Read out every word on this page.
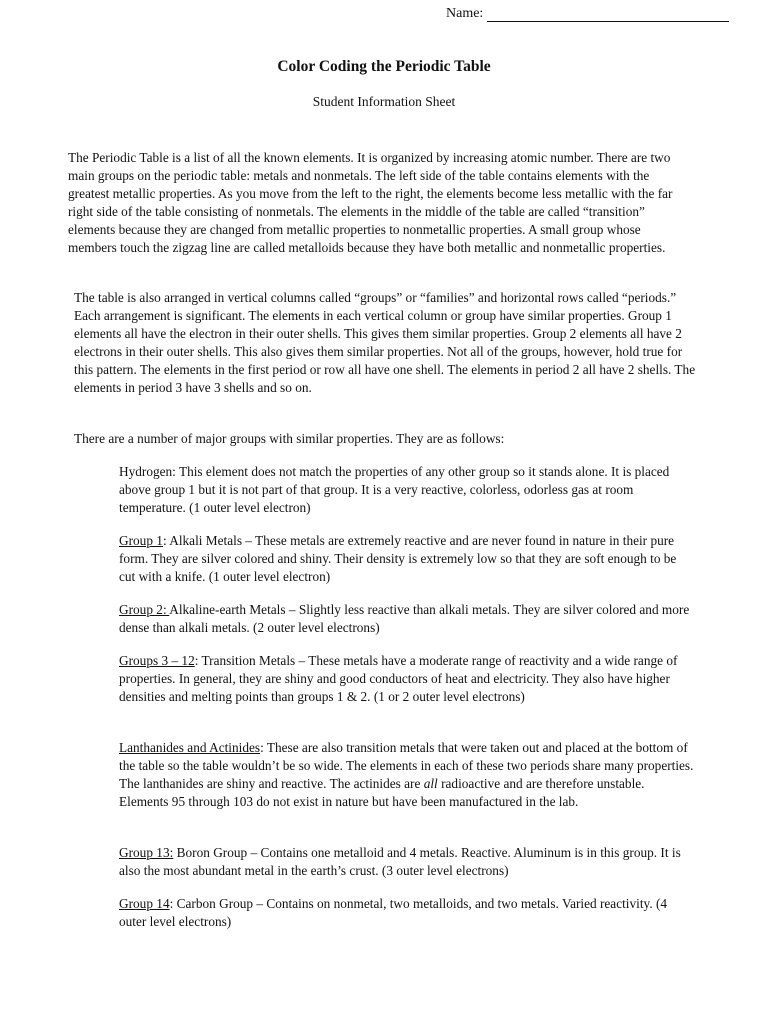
Name:
Color Coding the Periodic Table
Student Information Sheet

The Periodic Table is a list of all the known elements. It is organized by increasing atomic number. There are two main groups on the periodic table: metals and nonmetals. The left side of the table contains elements with the greatest metallic properties. As you move from the left to the right, the elements become less metallic with the far right side of the table consisting of nonmetals. The elements in the middle of the table are called “transition” elements because they are changed from metallic properties to nonmetallic properties. A small group whose members touch the zigzag line are called metalloids because they have both metallic and nonmetallic properties.

The table is also arranged in vertical columns called “groups” or “families” and horizontal rows called “periods.” Each arrangement is significant. The elements in each vertical column or group have similar properties. Group 1 elements all have the electron in their outer shells. This gives them similar properties. Group 2 elements all have 2 electrons in their outer shells. This also gives them similar properties. Not all of the groups, however, hold true for this pattern. The elements in the first period or row all have one shell. The elements in period 2 all have 2 shells. The elements in period 3 have 3 shells and so on.

There are a number of major groups with similar properties. They are as follows:

Hydrogen: This element does not match the properties of any other group so it stands alone. It is placed above group 1 but it is not part of that group. It is a very reactive, colorless, odorless gas at room temperature. (1 outer level electron)

Group 1: Alkali Metals – These metals are extremely reactive and are never found in nature in their pure form. They are silver colored and shiny. Their density is extremely low so that they are soft enough to be cut with a knife. (1 outer level electron)

Group 2: Alkaline-earth Metals – Slightly less reactive than alkali metals. They are silver colored and more dense than alkali metals. (2 outer level electrons)

Groups 3 – 12: Transition Metals – These metals have a moderate range of reactivity and a wide range of properties. In general, they are shiny and good conductors of heat and electricity. They also have higher densities and melting points than groups 1 & 2. (1 or 2 outer level electrons)

Lanthanides and Actinides: These are also transition metals that were taken out and placed at the bottom of the table so the table wouldn’t be so wide. The elements in each of these two periods share many properties. The lanthanides are shiny and reactive. The actinides are all radioactive and are therefore unstable. Elements 95 through 103 do not exist in nature but have been manufactured in the lab.

Group 13: Boron Group – Contains one metalloid and 4 metals. Reactive. Aluminum is in this group. It is also the most abundant metal in the earth’s crust. (3 outer level electrons)

Group 14: Carbon Group – Contains on nonmetal, two metalloids, and two metals. Varied reactivity. (4 outer level electrons)
